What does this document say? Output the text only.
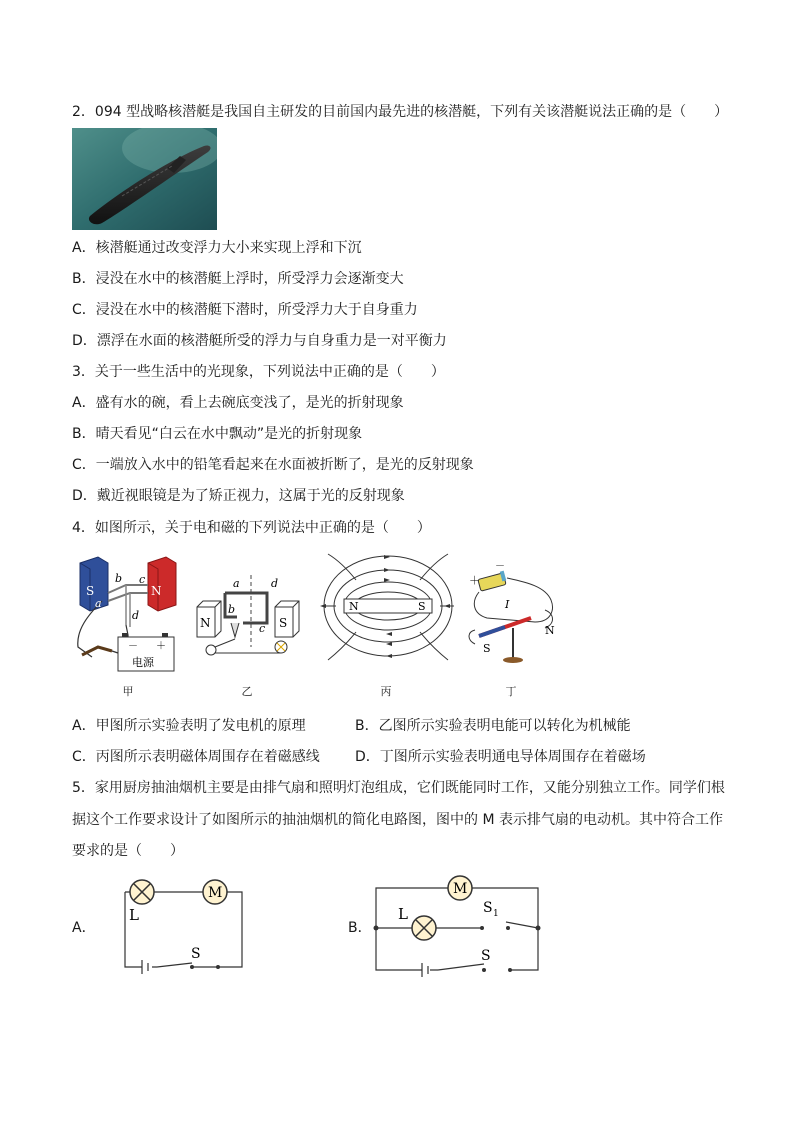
2．094 型战略核潜艇是我国自主研发的目前国内最先进的核潜艇，下列有关该潜艇说法正确的是（　　）
A．核潜艇通过改变浮力大小来实现上浮和下沉
B．浸没在水中的核潜艇上浮时，所受浮力会逐渐变大
C．浸没在水中的核潜艇下潜时，所受浮力大于自身重力
D．漂浮在水面的核潜艇所受的浮力与自身重力是一对平衡力
3．关于一些生活中的光现象，下列说法中正确的是（　　）
A．盛有水的碗，看上去碗底变浅了，是光的折射现象
B．晴天看见“白云在水中飘动”是光的折射现象
C．一端放入水中的铅笔看起来在水面被折断了，是光的反射现象
D．戴近视眼镜是为了矫正视力，这属于光的反射现象
4．如图所示，关于电和磁的下列说法中正确的是（　　）
S	N
a
b c
d
－ ＋
电源
甲
a	d
b
c
N	S
乙
N	S
丙
＋
－
I
S
N
丁
A．甲图所示实验表明了发电机的原理	B．乙图所示实验表明电能可以转化为机械能
C．丙图所示表明磁体周围存在着磁感线	D．丁图所示实验表明通电导体周围存在着磁场
5．家用厨房抽油烟机主要是由排气扇和照明灯泡组成，它们既能同时工作，又能分别独立工作。同学们根
据这个工作要求设计了如图所示的抽油烟机的简化电路图，图中的 M 表示排气扇的电动机。其中符合工作
要求的是（　　）
A．
M
L
S
B．
M
L	S 1
S
